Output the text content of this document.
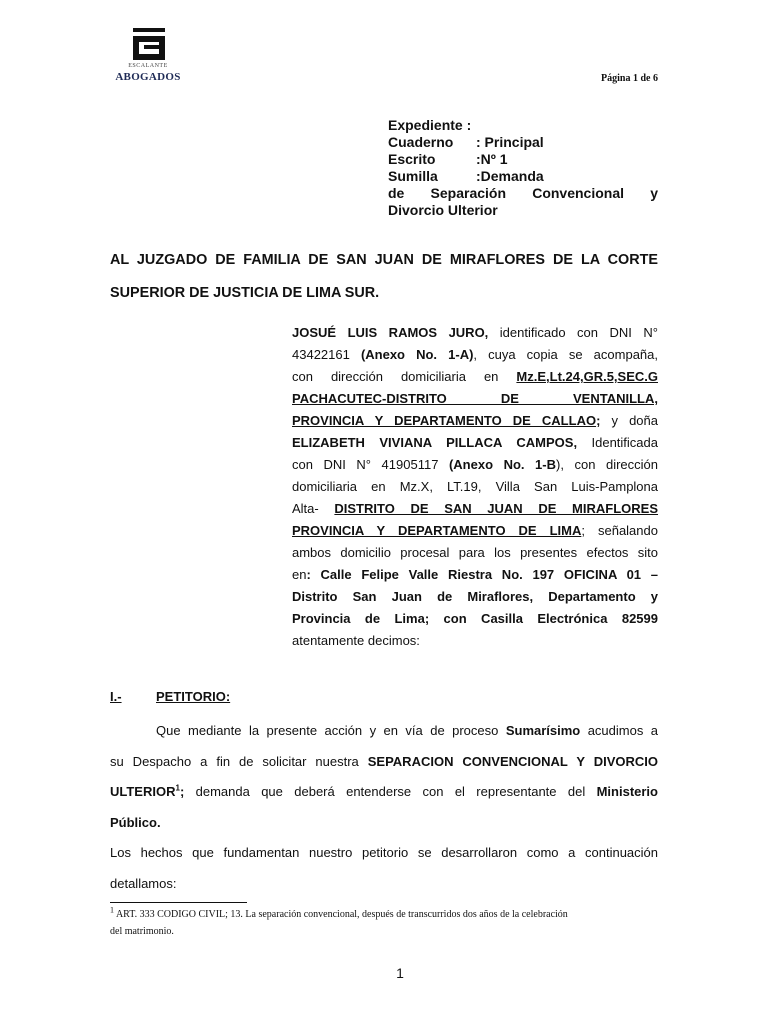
ESCALANTE
ABOGADOS	Página 1 de 6
Expediente :
Cuaderno	: Principal
Escrito	:Nº 1
Sumilla	:Demanda
de Separación Convencional y
Divorcio Ulterior
AL JUZGADO DE FAMILIA DE SAN JUAN DE MIRAFLORES DE LA CORTE
SUPERIOR DE JUSTICIA DE LIMA SUR.
JOSUÉ LUIS RAMOS JURO, identificado con DNI N°
43422161 (Anexo No. 1-A), cuya copia se acompaña,
con dirección domiciliaria en Mz.E,Lt.24,GR.5,SEC.G
PACHACUTEC-DISTRITO DE VENTANILLA,
PROVINCIA Y DEPARTAMENTO DE CALLAO; y doña
ELIZABETH VIVIANA PILLACA CAMPOS, Identificada
con DNI N° 41905117 (Anexo No. 1-B), con dirección
domiciliaria en Mz.X, LT.19, Villa San Luis-Pamplona
Alta- DISTRITO DE SAN JUAN DE MIRAFLORES
PROVINCIA Y DEPARTAMENTO DE LIMA; señalando
ambos domicilio procesal para los presentes efectos sito
en: Calle Felipe Valle Riestra No. 197 OFICINA 01 –
Distrito San Juan de Miraflores, Departamento y
Provincia de Lima; con Casilla Electrónica 82599
atentamente decimos:
I.-	PETITORIO:
Que mediante la presente acción y en vía de proceso Sumarísimo acudimos a
su Despacho a fin de solicitar nuestra SEPARACION CONVENCIONAL Y DIVORCIO
ULTERIOR$^1$; demanda que deberá entenderse con el representante del Ministerio
Público.
Los hechos que fundamentan nuestro petitorio se desarrollaron como a continuación
detallamos:
$^1$ ART. 333 CODIGO CIVIL; 13. La separación convencional, después de transcurridos dos años de la celebración
del matrimonio.
1
